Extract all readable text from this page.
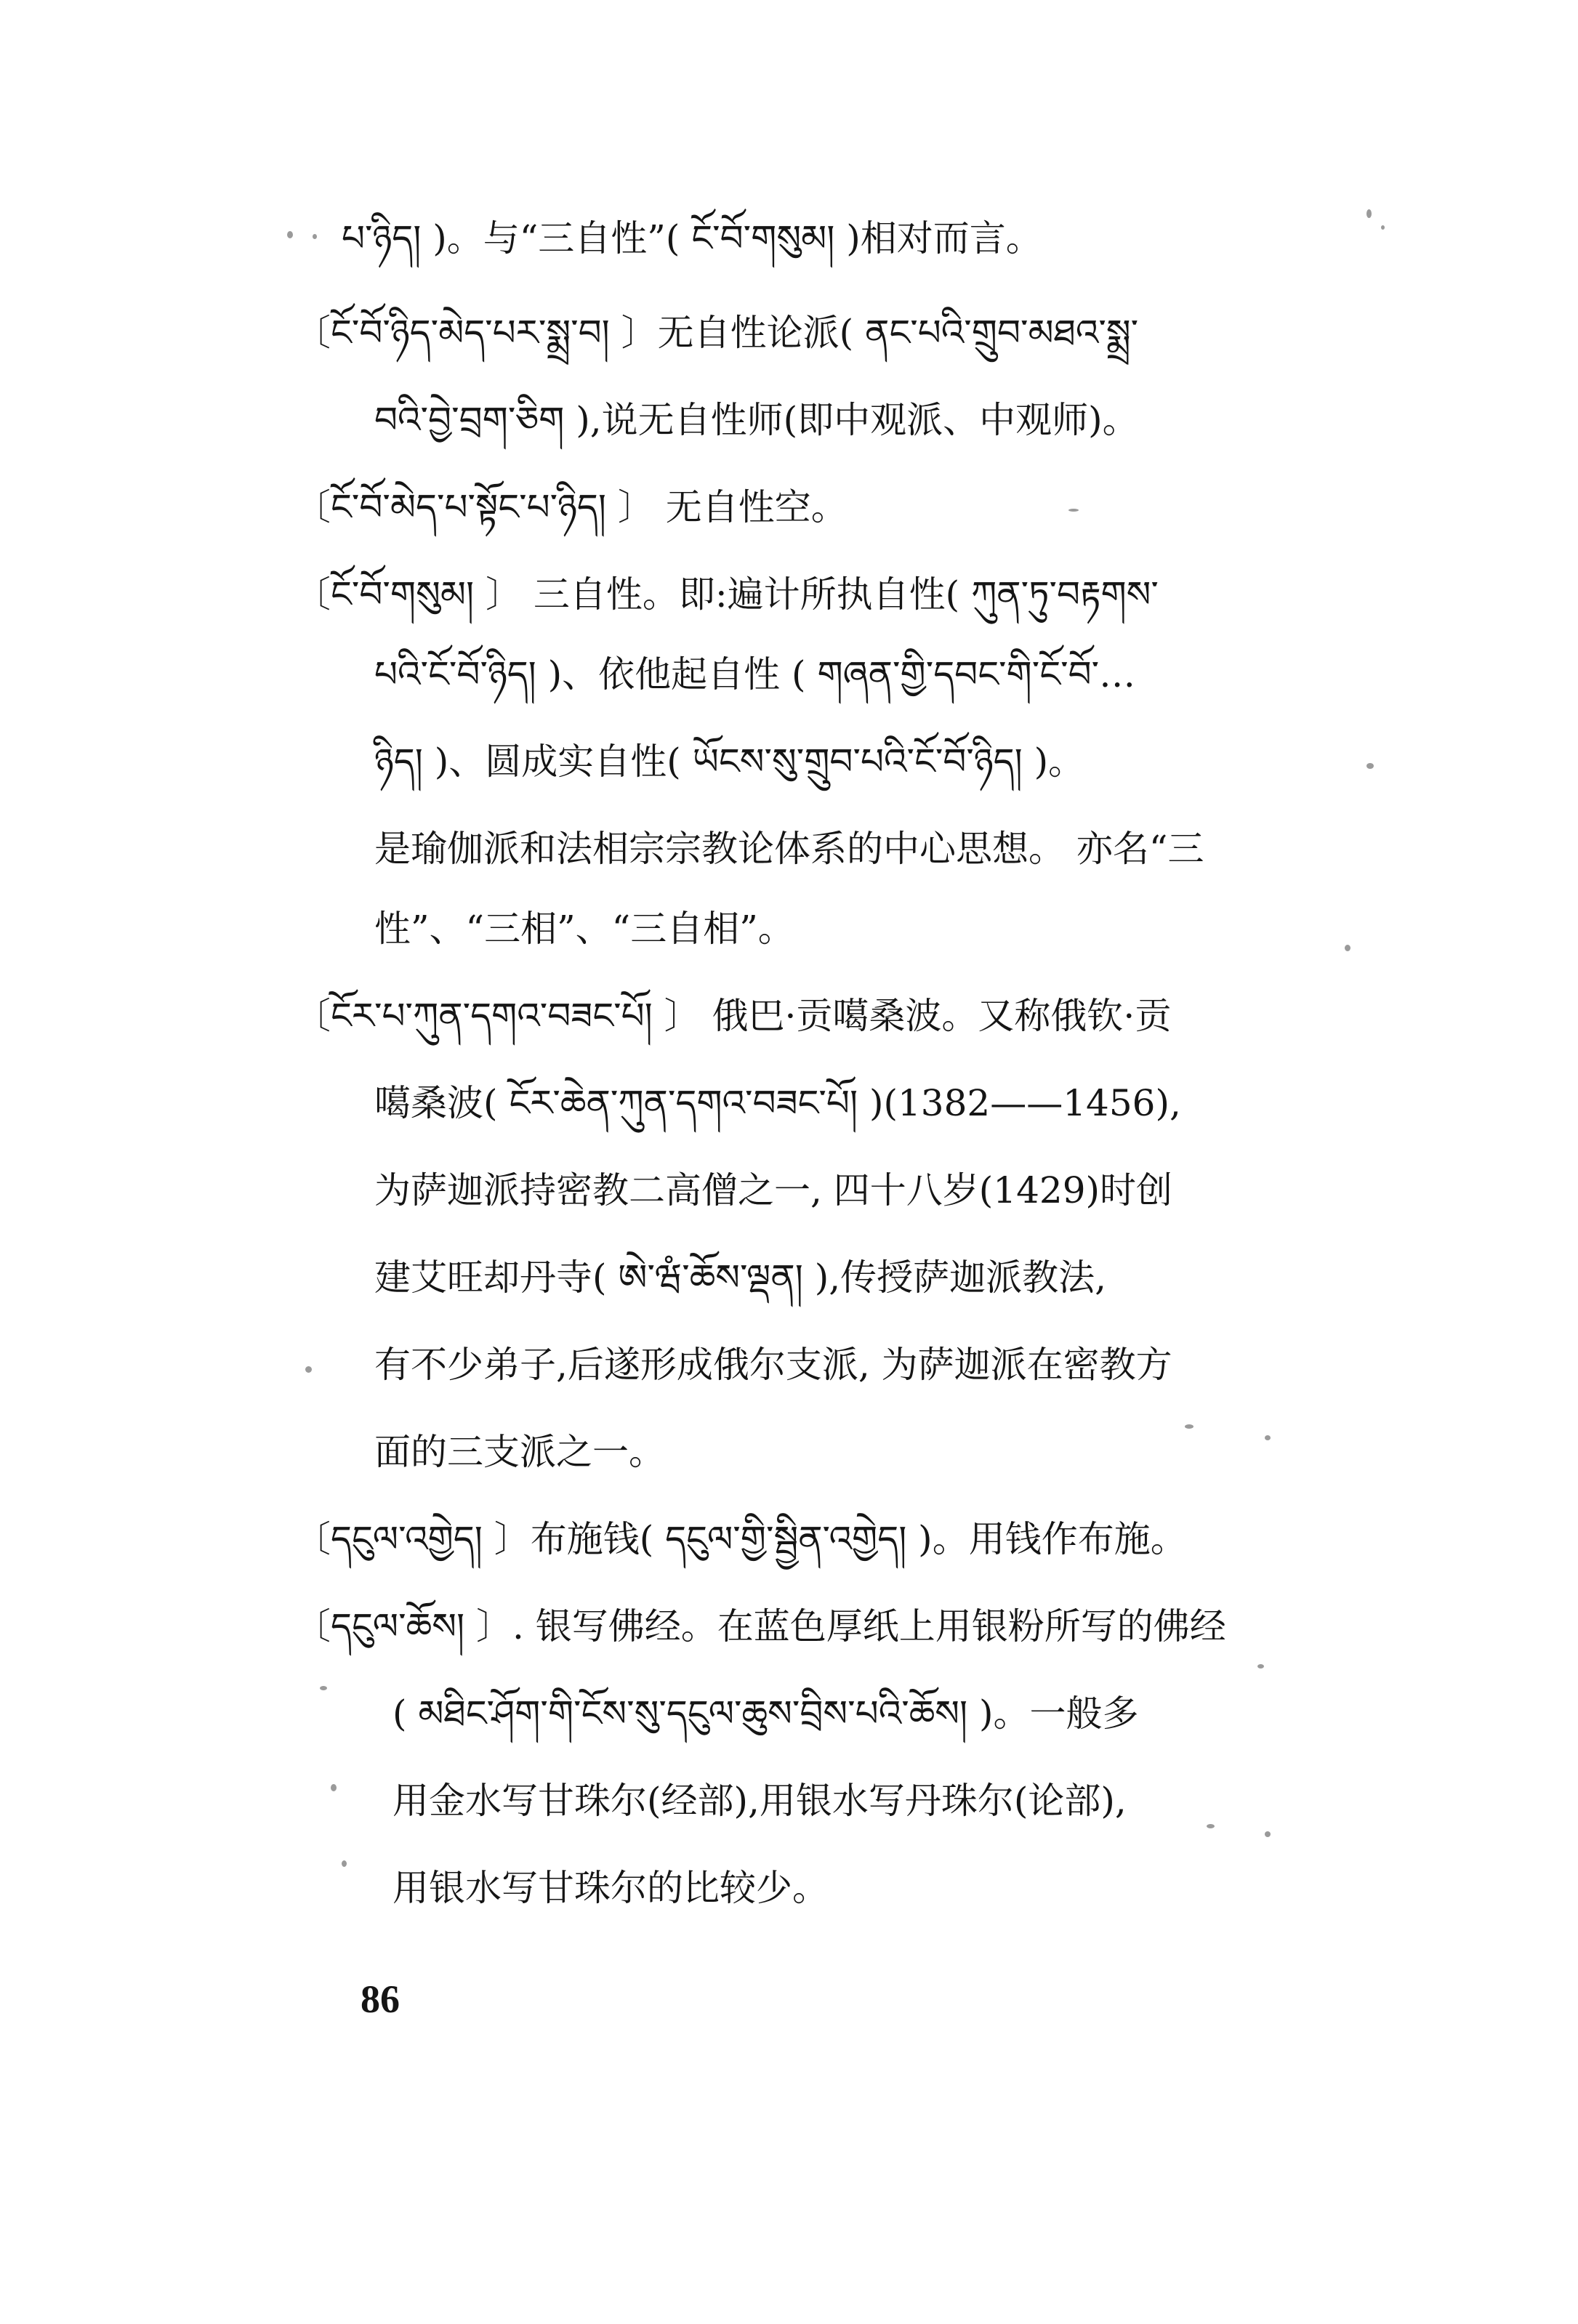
པ་ཉིད། )。与“三自性”( ངོ་བོ་གསུམ། )相对而言。
〔ངོ་བོ་ཉིད་མེད་པར་སྨྲ་བ། 〕无自性论派( ནང་པའི་གྲུབ་མཐའ་སྨྲ་
བའི་བྱེ་བྲག་ཅིག ),说无自性师(即中观派、中观师)。
〔ངོ་བོ་མེད་པ་སྟོང་པ་ཉིད། 〕 无自性空。
〔ངོ་བོ་གསུམ། 〕 三自性。即:遍计所执自性( ཀུན་ཏུ་བརྟགས་
པའི་ངོ་བོ་ཉིད། )、依他起自性 ( གཞན་གྱི་དབང་གི་ངོ་བོ་…
ཉིད། )、圆成实自性( ཡོངས་སུ་གྲུབ་པའི་ངོ་བོ་ཉིད། )。
是瑜伽派和法相宗宗教论体系的中心思想。 亦名“三
性”、“三相”、“三自相”。
〔ངོར་པ་ཀུན་དགའ་བཟང་པོ། 〕 俄巴·贡噶桑波。又称俄钦·贡
噶桑波( ངོར་ཆེན་ཀུན་དགའ་བཟང་པོ། )(1382——1456),
为萨迦派持密教二高僧之一, 四十八岁(1429)时创
建艾旺却丹寺( ཨེ་ཝཾ་ཆོས་ལྡན། ),传授萨迦派教法,
有不少弟子,后遂形成俄尔支派, 为萨迦派在密教方
面的三支派之一。
〔དངུལ་འགྱེད། 〕布施钱( དངུལ་གྱི་སྦྱིན་འགྱེད། )。用钱作布施。
〔དངུལ་ཆོས། 〕. 银写佛经。在蓝色厚纸上用银粉所写的佛经
( མཐིང་ཤོག་གི་ངོས་སུ་དངུལ་ཆུས་བྲིས་པའི་ཆོས། )。一般多
用金水写甘珠尔(经部),用银水写丹珠尔(论部),
用银水写甘珠尔的比较少。
86
